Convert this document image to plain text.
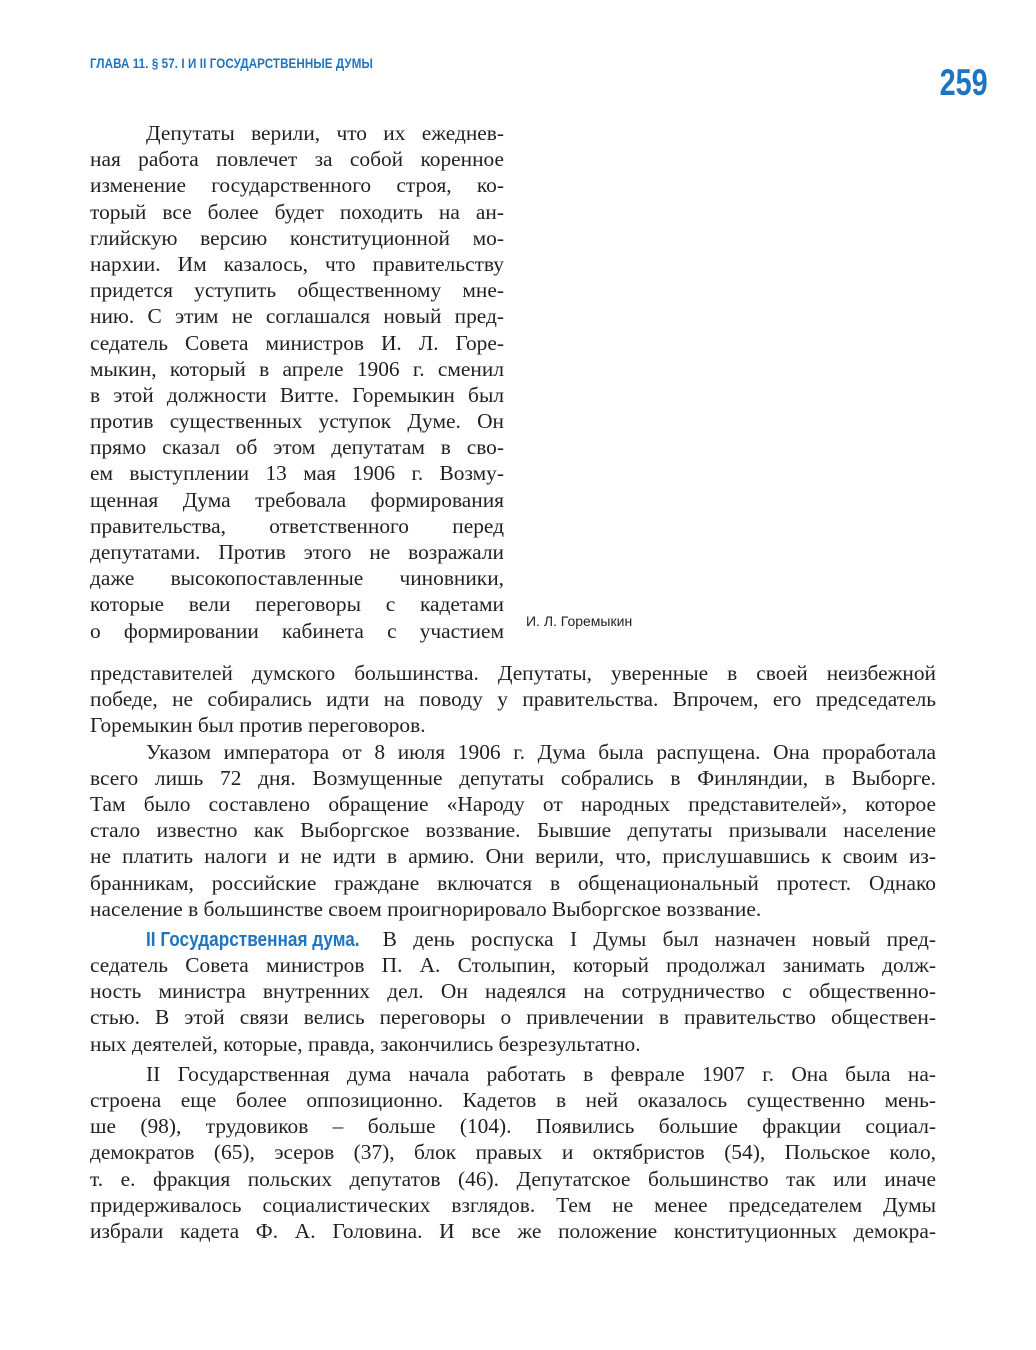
ГЛАВА 11. § 57. I И II ГОСУДАРСТВЕННЫЕ ДУМЫ	259
Депутаты верили, что их ежеднев-
ная работа повлечет за собой коренное
изменение государственного строя, ко-
торый все более будет походить на ан-
глийскую версию конституционной мо-
нархии. Им казалось, что правительству
придется уступить общественному мне-
нию. С этим не соглашался новый пред-
седатель Совета министров И. Л. Горе-
мыкин, который в апреле 1906 г. сменил
в этой должности Витте. Горемыкин был
против существенных уступок Думе. Он
прямо сказал об этом депутатам в сво-
ем выступлении 13 мая 1906 г. Возму-
щенная Дума требовала формирования
правительства, ответственного перед
депутатами. Против этого не возражали
даже высокопоставленные чиновники,
которые вели переговоры с кадетами
о формировании кабинета с участием И. Л. Горемыкин
представителей думского большинства. Депутаты, уверенные в своей неизбежной
победе, не собирались идти на поводу у правительства. Впрочем, его председатель
Горемыкин был против переговоров.
Указом императора от 8 июля 1906 г. Дума была распущена. Она проработала
всего лишь 72 дня. Возмущенные депутаты собрались в Финляндии, в Выборге.
Там было составлено обращение «Народу от народных представителей», которое
стало известно как Выборгское воззвание. Бывшие депутаты призывали население
не платить налоги и не идти в армию. Они верили, что, прислушавшись к своим из-
бранникам, российские граждане включатся в общенациональный протест. Однако
население в большинстве своем проигнорировало Выборгское воззвание.
II Государственная дума. В день роспуска I Думы был назначен новый пред-
седатель Совета министров П. А. Столыпин, который продолжал занимать долж-
ность министра внутренних дел. Он надеялся на сотрудничество с общественно-
стью. В этой связи велись переговоры о привлечении в правительство обществен-
ных деятелей, которые, правда, закончились безрезультатно.
II Государственная дума начала работать в феврале 1907 г. Она была на-
строена еще более оппозиционно. Кадетов в ней оказалось существенно мень-
ше (98), трудовиков – больше (104). Появились большие фракции социал-
демократов (65), эсеров (37), блок правых и октябристов (54), Польское коло,
т. е. фракция польских депутатов (46). Депутатское большинство так или иначе
придерживалось социалистических взглядов. Тем не менее председателем Думы
избрали кадета Ф. А. Головина. И все же положение конституционных демокра-
